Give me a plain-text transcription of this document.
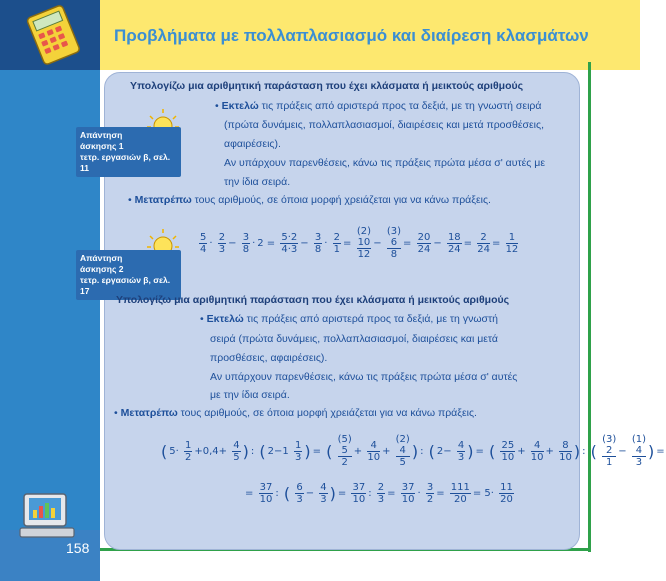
Προβλήματα με πολλαπλασιασμό και διαίρεση κλασμάτων
Υπολογίζω μια αριθμητική παράσταση που έχει κλάσματα ή μεικτούς αριθμούς
Απάντηση
άσκησης 1
τετρ. εργασιών β, σελ. 11
• Εκτελώ τις πράξεις από αριστερά προς τα δεξιά, με τη γνωστή σειρά
(πρώτα δυνάμεις, πολλαπλασιασμοί, διαιρέσεις και μετά προσθέσεις,
αφαιρέσεις).
Αν υπάρχουν παρενθέσεις, κάνω τις πράξεις πρώτα μέσα σ' αυτές με
την ίδια σειρά.
• Μετατρέπω τους αριθμούς, σε όποια μορφή χρειάζεται για να κάνω πράξεις.
$\frac{5}{4} \cdot \frac{2}{3} - \frac{3}{8} \cdot 2 = \frac{5\cdot 2}{4\cdot 3} - \frac{3}{8} \cdot \frac{2}{1}$ =
(2)
10
12
−
(3)
6
8
= $\frac{20}{24} - \frac{18}{24} = \frac{2}{24} = \frac{1}{12}$
Απάντηση
άσκησης 2
τετρ. εργασιών β, σελ. 17
Υπολογίζω μια αριθμητική παράσταση που έχει κλάσματα ή μεικτούς αριθμούς
• Εκτελώ τις πράξεις από αριστερά προς τα δεξιά, με τη γνωστή
σειρά (πρώτα δυνάμεις, πολλαπλασιασμοί, διαιρέσεις και μετά
προσθέσεις, αφαιρέσεις).
Αν υπάρχουν παρενθέσεις, κάνω τις πράξεις πρώτα μέσα σ' αυτές
με την ίδια σειρά.
• Μετατρέπω τους αριθμούς, σε όποια μορφή χρειάζεται για να κάνω πράξεις.
( $5\cdot \frac{1}{2} +0,4+ \frac{4}{5}$ ) : ( $2-1 \frac{1}{3}$ ) = (
(5)
5
2
+ $\frac{4}{10}$ +
(2)
4
5
) : ( $2- \frac{4}{3}$ ) = ( $\frac{25}{10} + \frac{4}{10} + \frac{8}{10}$ ) : (
(3)
2
1
−
(1)
4
3
) =
= $\frac{37}{10}$ : ( $\frac{6}{3} - \frac{4}{3}$ ) = $\frac{37}{10}$ : $\frac{2}{3} = \frac{37}{10} \cdot \frac{3}{2} = \frac{111}{20} = 5\cdot \frac{11}{20}$
158
